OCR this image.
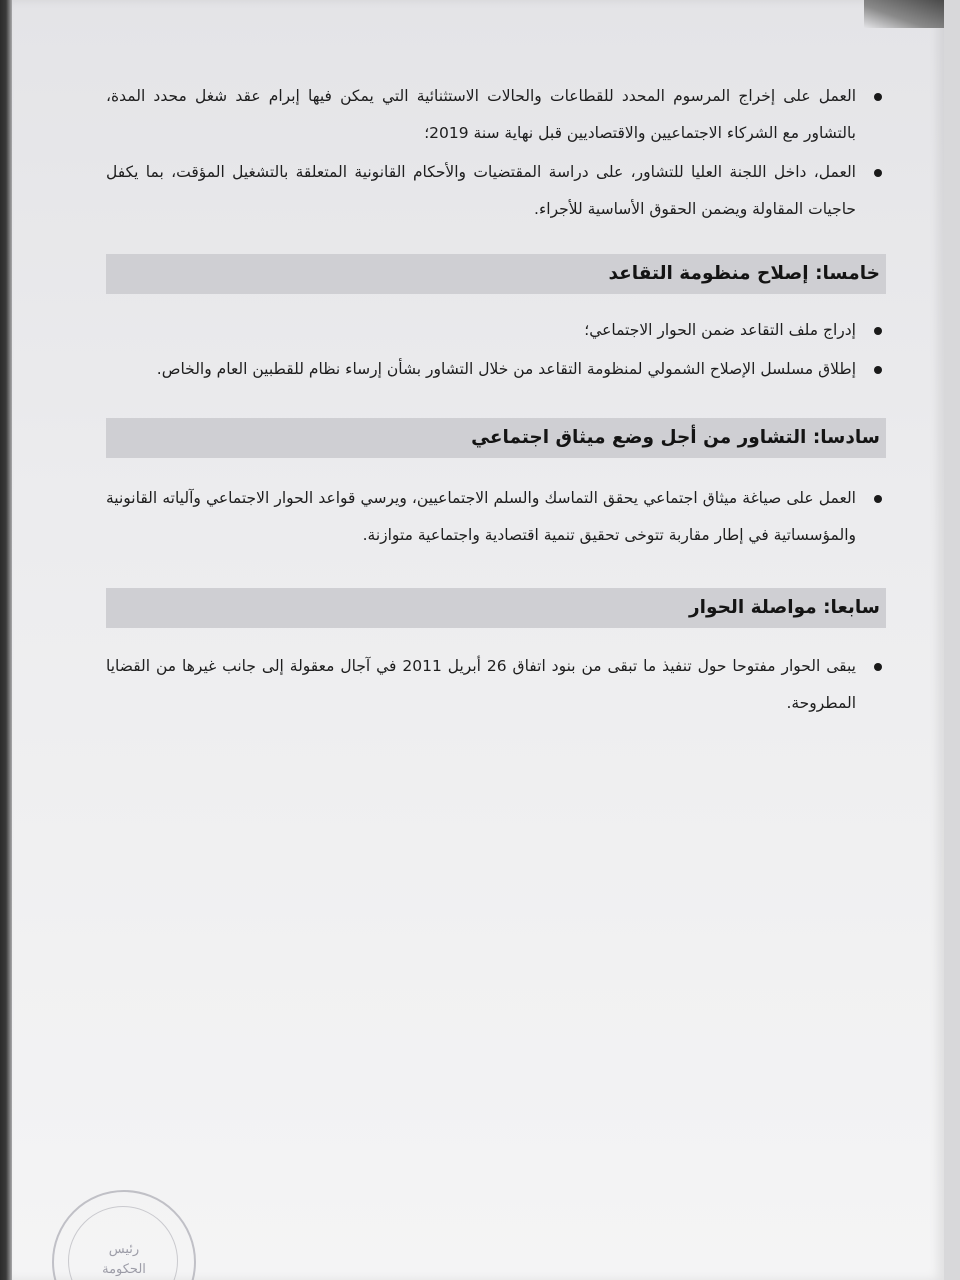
العمل على إخراج المرسوم المحدد للقطاعات والحالات الاستثنائية التي يمكن فيها إبرام عقد شغل محدد المدة، بالتشاور مع الشركاء الاجتماعيين والاقتصاديين قبل نهاية سنة 2019؛
العمل، داخل اللجنة العليا للتشاور، على دراسة المقتضيات والأحكام القانونية المتعلقة بالتشغيل المؤقت، بما يكفل حاجيات المقاولة ويضمن الحقوق الأساسية للأجراء.
خامسا: إصلاح منظومة التقاعد
إدراج ملف التقاعد ضمن الحوار الاجتماعي؛
إطلاق مسلسل الإصلاح الشمولي لمنظومة التقاعد من خلال التشاور بشأن إرساء نظام للقطبين العام والخاص.
سادسا: التشاور من أجل وضع ميثاق اجتماعي
العمل على صياغة ميثاق اجتماعي يحقق التماسك والسلم الاجتماعيين، ويرسي قواعد الحوار الاجتماعي وآلياته القانونية والمؤسساتية في إطار مقاربة تتوخى تحقيق تنمية اقتصادية واجتماعية متوازنة.
سابعا: مواصلة الحوار
يبقى الحوار مفتوحا حول تنفيذ ما تبقى من بنود اتفاق 26 أبريل 2011 في آجال معقولة إلى جانب غيرها من القضايا المطروحة.
رئيس
الحكومة
